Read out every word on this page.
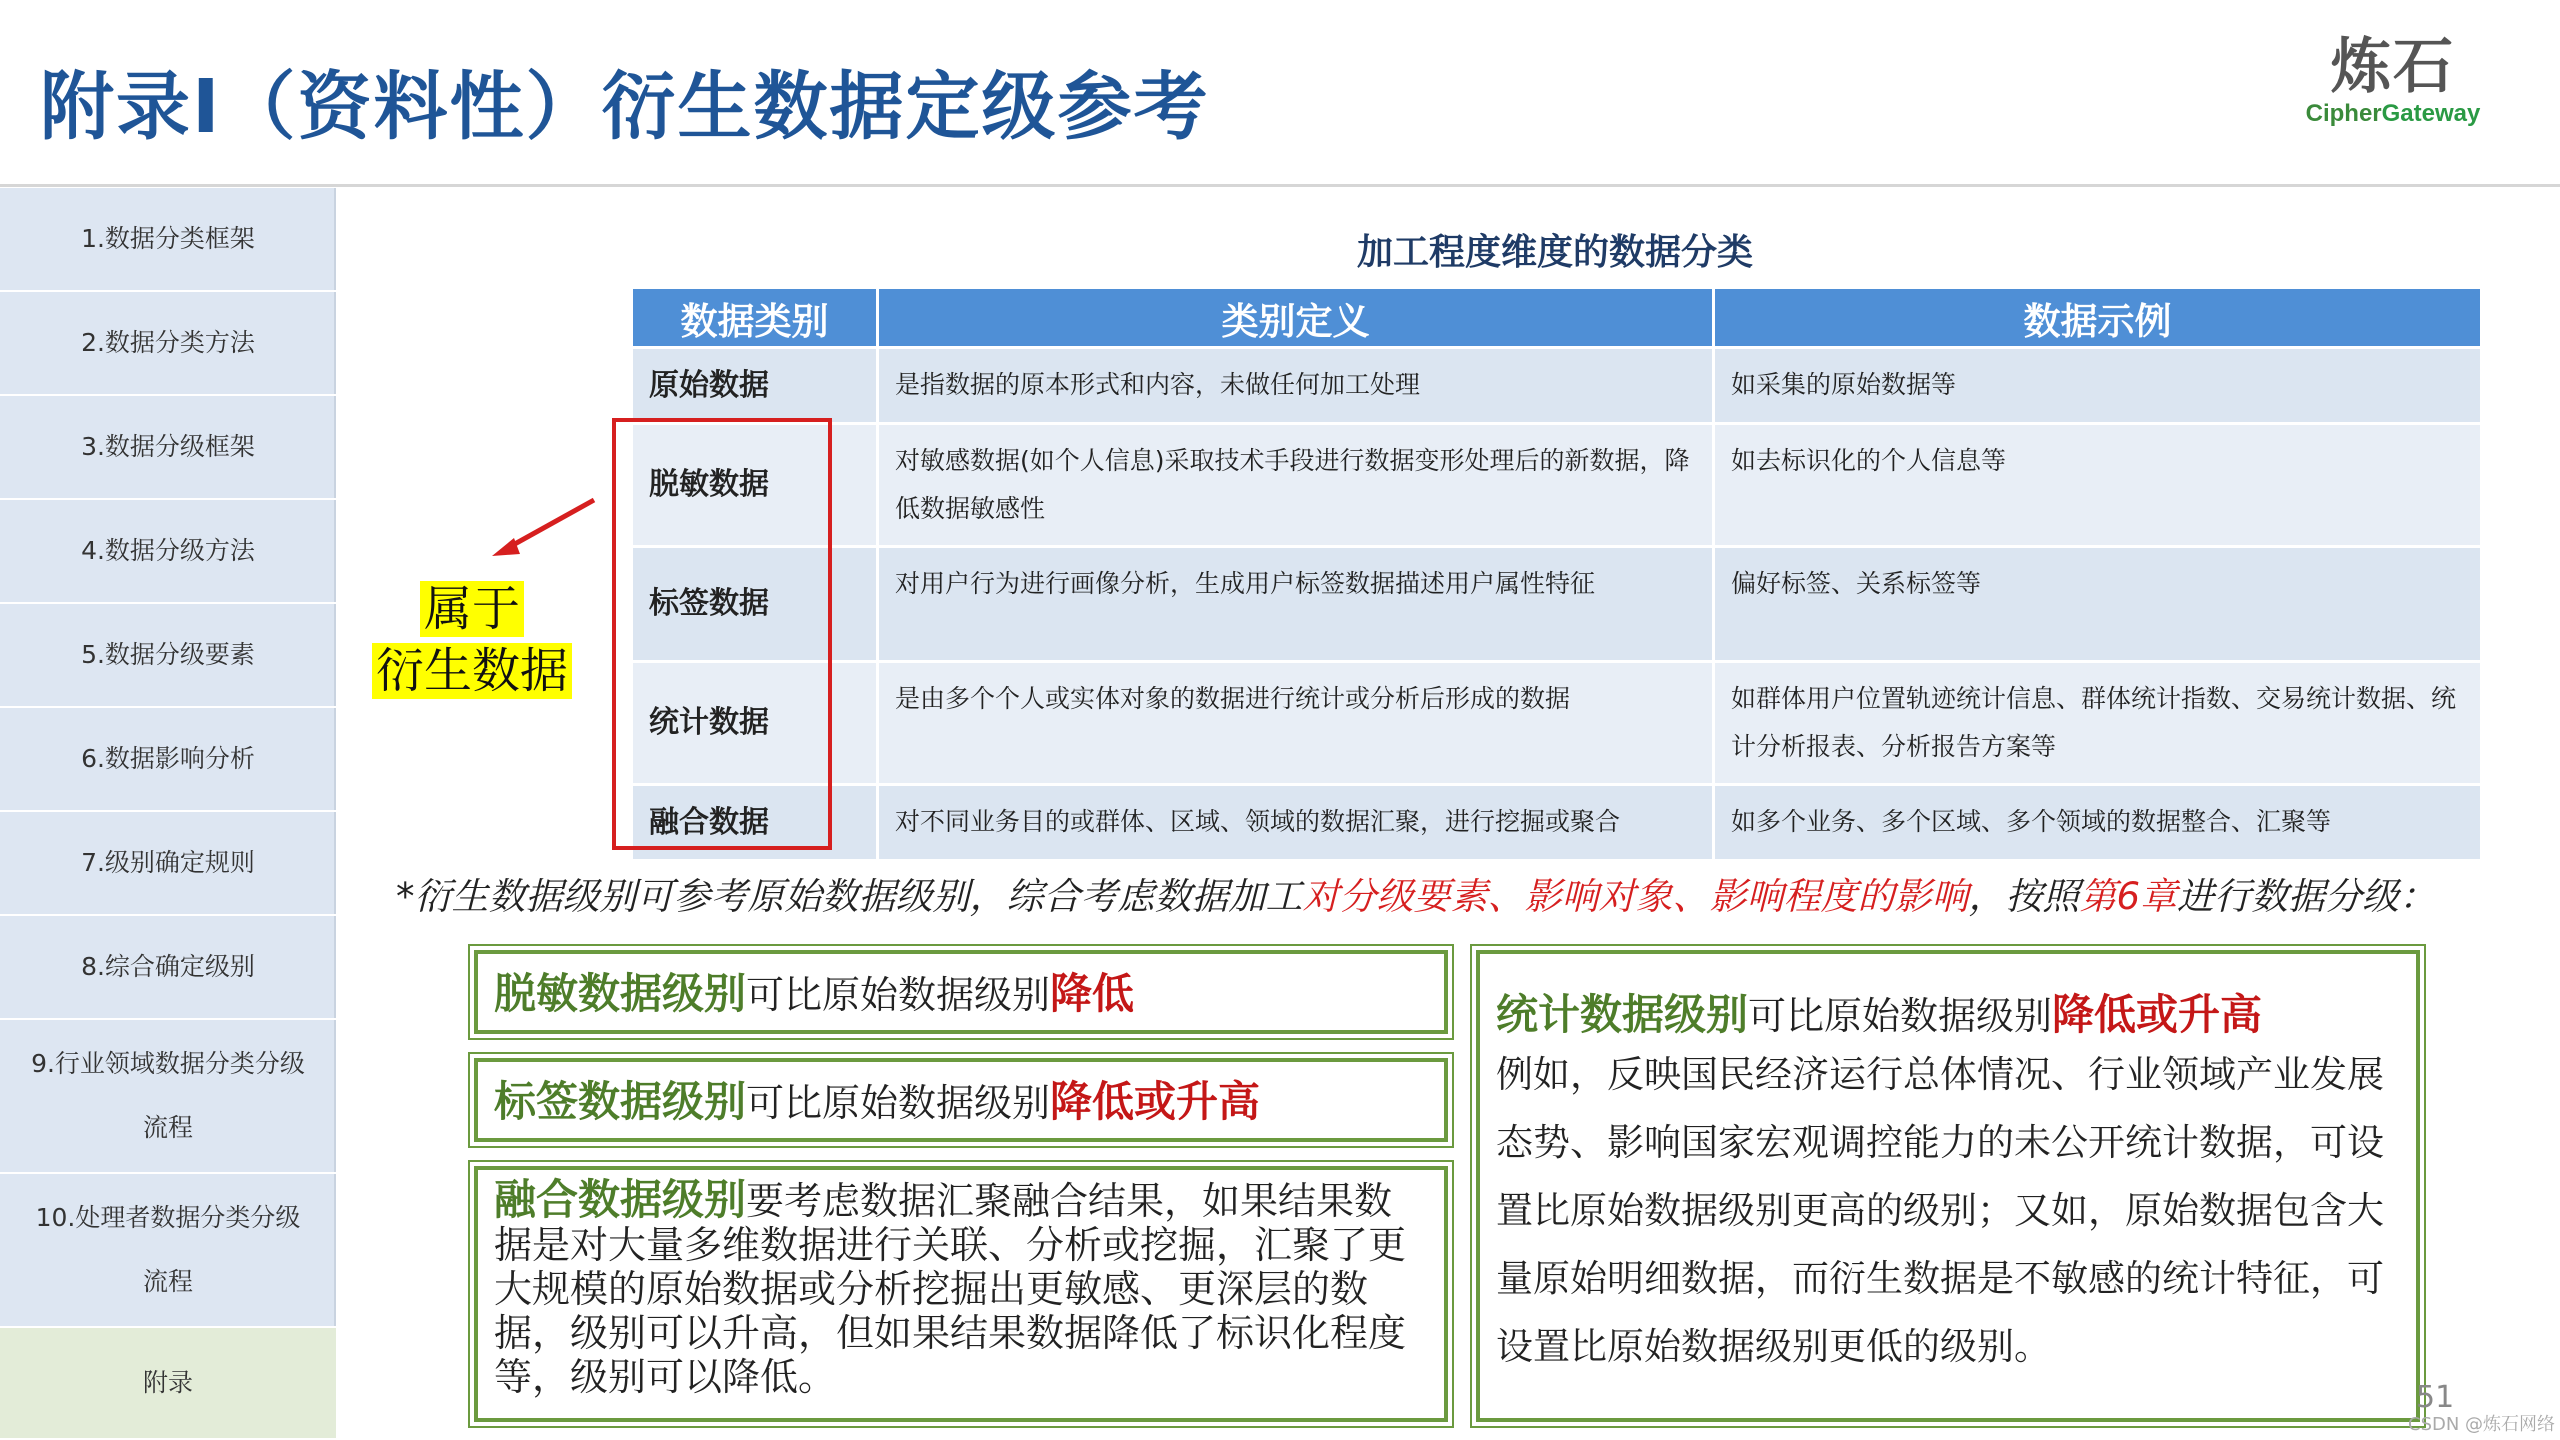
附录I（资料性）衍生数据定级参考	炼石
CipherGateway
1.数据分类框架
2.数据分类方法
3.数据分级框架
4.数据分级方法
5.数据分级要素
6.数据影响分析
7.级别确定规则
8.综合确定级别
9.行业领域数据分类分级流程
10.处理者数据分类分级流程
附录
加工程度维度的数据分类
数据类别	类别定义	数据示例
原始数据	是指数据的原本形式和内容，未做任何加工处理	如采集的原始数据等
脱敏数据	对敏感数据(如个人信息)采取技术手段进行数据变形处理后的新数据，降低数据敏感性	如去标识化的个人信息等
标签数据	对用户行为进行画像分析，生成用户标签数据描述用户属性特征	偏好标签、关系标签等
统计数据	是由多个个人或实体对象的数据进行统计或分析后形成的数据	如群体用户位置轨迹统计信息、群体统计指数、交易统计数据、统计分析报表、分析报告方案等
融合数据	对不同业务目的或群体、区域、领域的数据汇聚，进行挖掘或聚合	如多个业务、多个区域、多个领域的数据整合、汇聚等
属于
衍生数据
*衍生数据级别可参考原始数据级别，综合考虑数据加工对分级要素、影响对象、影响程度的影响，按照第6章进行数据分级：
脱敏数据级别可比原始数据级别降低
标签数据级别可比原始数据级别降低或升高
融合数据级别要考虑数据汇聚融合结果，如果结果数据是对大量多维数据进行关联、分析或挖掘，汇聚了更大规模的原始数据或分析挖掘出更敏感、更深层的数据，级别可以升高，但如果结果数据降低了标识化程度等，级别可以降低。
统计数据级别可比原始数据级别降低或升高
例如，反映国民经济运行总体情况、行业领域产业发展态势、影响国家宏观调控能力的未公开统计数据，可设置比原始数据级别更高的级别；又如，原始数据包含大量原始明细数据，而衍生数据是不敏感的统计特征，可设置比原始数据级别更低的级别。
51
CSDN @炼石网络
